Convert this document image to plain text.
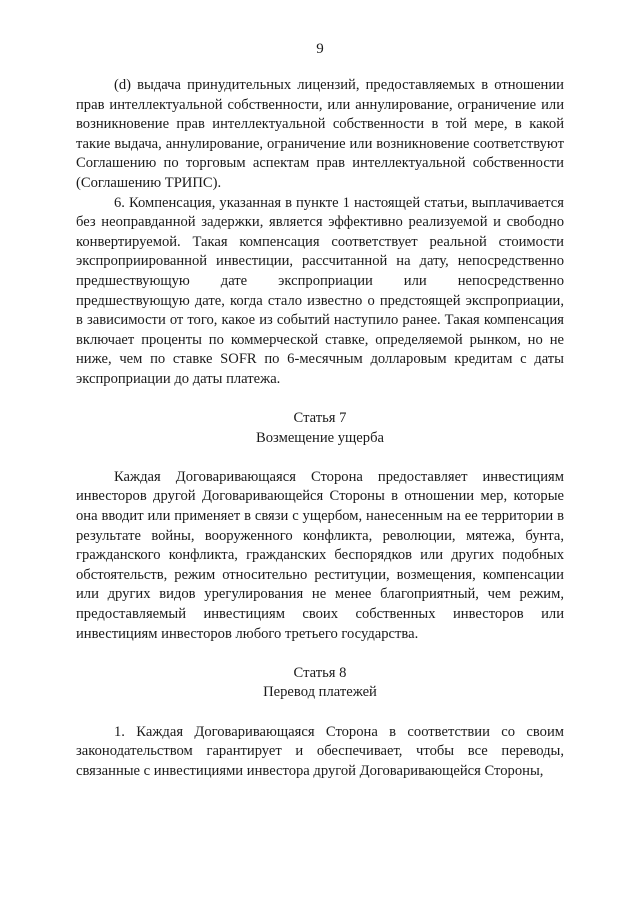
9

(d) выдача принудительных лицензий, предоставляемых в отношении прав интеллектуальной собственности, или аннулирование, ограничение или возникновение прав интеллектуальной собственности в той мере, в какой такие выдача, аннулирование, ограничение или возникновение соответствуют Соглашению по торговым аспектам прав интеллектуальной собственности (Соглашению ТРИПС).

6. Компенсация, указанная в пункте 1 настоящей статьи, выплачивается без неоправданной задержки, является эффективно реализуемой и свободно конвертируемой. Такая компенсация соответствует реальной стоимости экспроприированной инвестиции, рассчитанной на дату, непосредственно предшествующую дате экспроприации или непосредственно предшествующую дате, когда стало известно о предстоящей экспроприации, в зависимости от того, какое из событий наступило ранее. Такая компенсация включает проценты по коммерческой ставке, определяемой рынком, но не ниже, чем по ставке SOFR по 6-месячным долларовым кредитам с даты экспроприации до даты платежа.

Статья 7

Возмещение ущерба

Каждая Договаривающаяся Сторона предоставляет инвестициям инвесторов другой Договаривающейся Стороны в отношении мер, которые она вводит или применяет в связи с ущербом, нанесенным на ее территории в результате войны, вооруженного конфликта, революции, мятежа, бунта, гражданского конфликта, гражданских беспорядков или других подобных обстоятельств, режим относительно реституции, возмещения, компенсации или других видов урегулирования не менее благоприятный, чем режим, предоставляемый инвестициям своих собственных инвесторов или инвестициям инвесторов любого третьего государства.

Статья 8

Перевод платежей

1. Каждая Договаривающаяся Сторона в соответствии со своим законодательством гарантирует и обеспечивает, чтобы все переводы, связанные с инвестициями инвестора другой Договаривающейся Стороны,
